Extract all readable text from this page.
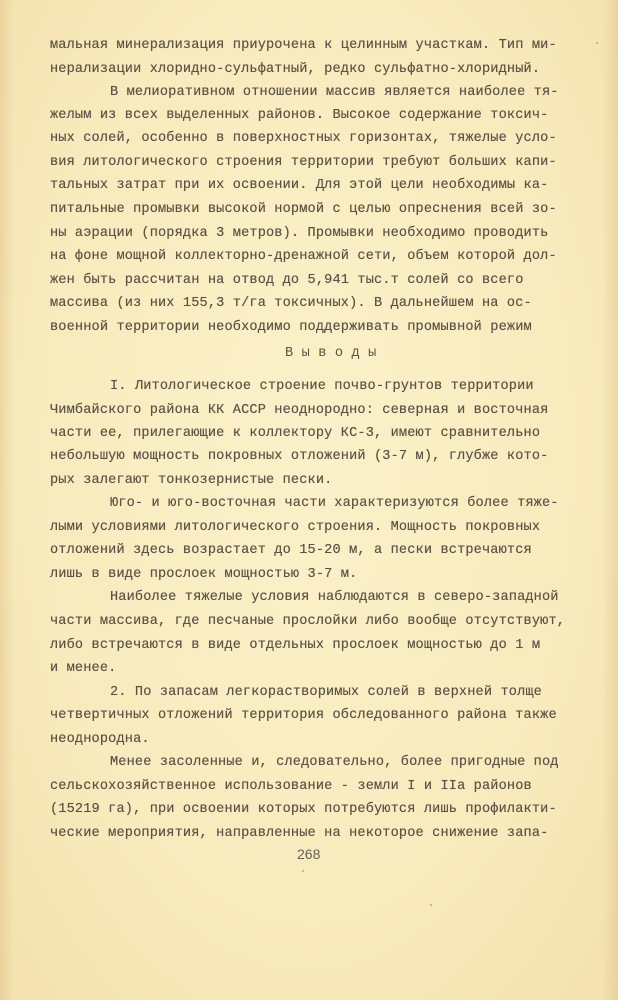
мальная минерализация приурочена к целинным участкам. Тип ми-
нерализации хлоридно-сульфатный, редко сульфатно-хлоридный.
В мелиоративном отношении массив является наиболее тя-
желым из всех выделенных районов. Высокое содержание токсич-
ных солей, особенно в поверхностных горизонтах, тяжелые усло-
вия литологического строения территории требуют больших капи-
тальных затрат при их освоении. Для этой цели необходимы ка-
питальные промывки высокой нормой с целью опреснения всей зо-
ны аэрации (порядка 3 метров). Промывки необходимо проводить
на фоне мощной коллекторно-дренажной сети, объем которой дол-
жен быть рассчитан на отвод до 5,941 тыс.т солей со всего
массива (из них 155,3 т/га токсичных). В дальнейшем на ос-
военной территории необходимо поддерживать промывной режим
В ы в о д ы
I. Литологическое строение почво-грунтов территории
Чимбайского района КК АССР неоднородно: северная и восточная
части ее, прилегающие к коллектору КС-3, имеют сравнительно
небольшую мощность покровных отложений (3-7 м), глубже кото-
рых залегают тонкозернистые пески.
Юго- и юго-восточная части характеризуются более тяже-
лыми условиями литологического строения. Мощность покровных
отложений здесь возрастает до 15-20 м, а пески встречаются
лишь в виде прослоек мощностью 3-7 м.
Наиболее тяжелые условия наблюдаются в северо-западной
части массива, где песчаные прослойки либо вообще отсутствуют,
либо встречаются в виде отдельных прослоек мощностью до 1 м
и менее.
2. По запасам легкорастворимых солей в верхней толще
четвертичных отложений территория обследованного района также
неоднородна.
Менее засоленные и, следовательно, более пригодные под
сельскохозяйственное использование - земли I и IIа районов
(15219 га), при освоении которых потребуются лишь профилакти-
ческие мероприятия, направленные на некоторое снижение запа-
268
